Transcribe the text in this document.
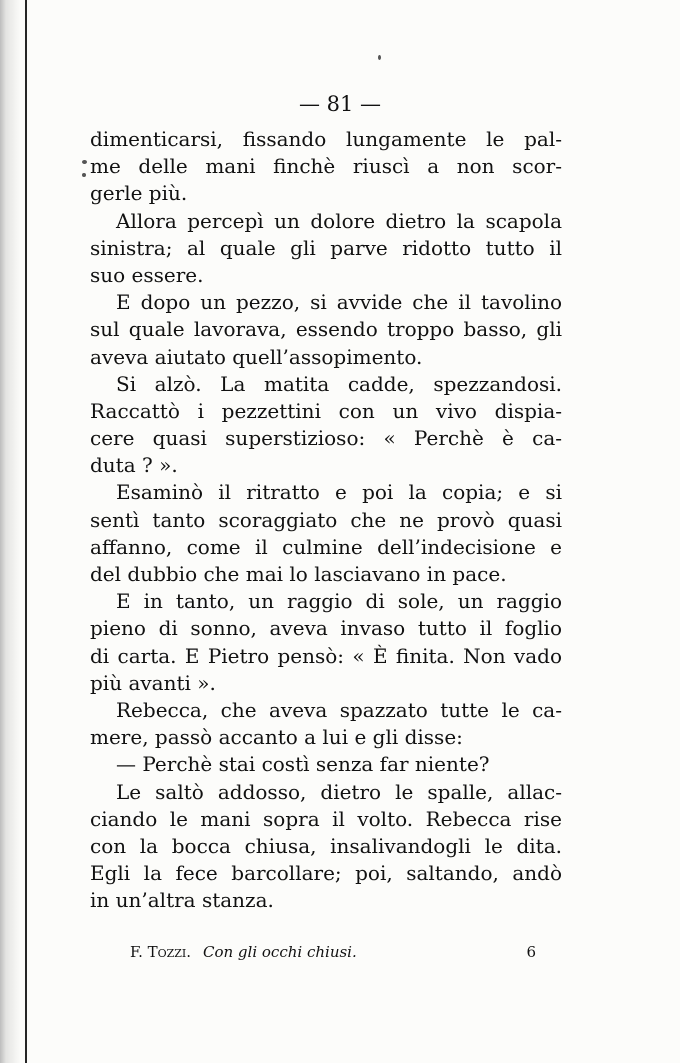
— 81 —
dimenticarsi, fissando lungamente le pal-
me delle mani finchè riuscì a non scor-
gerle più.
Allora percepì un dolore dietro la scapola
sinistra; al quale gli parve ridotto tutto il
suo essere.
E dopo un pezzo, si avvide che il tavolino
sul quale lavorava, essendo troppo basso, gli
aveva aiutato quell’assopimento.
Si alzò. La matita cadde, spezzandosi.
Raccattò i pezzettini con un vivo dispia-
cere quasi superstizioso: « Perchè è ca-
duta ? ».
Esaminò il ritratto e poi la copia; e si
sentì tanto scoraggiato che ne provò quasi
affanno, come il culmine dell’indecisione e
del dubbio che mai lo lasciavano in pace.
E in tanto, un raggio di sole, un raggio
pieno di sonno, aveva invaso tutto il foglio
di carta. E Pietro pensò: « È finita. Non vado
più avanti ».
Rebecca, che aveva spazzato tutte le ca-
mere, passò accanto a lui e gli disse:
— Perchè stai costì senza far niente?
Le saltò addosso, dietro le spalle, allac-
ciando le mani sopra il volto. Rebecca rise
con la bocca chiusa, insalivandogli le dita.
Egli la fece barcollare; poi, saltando, andò
in un’altra stanza.
F. Tozzi. Con gli occhi chiusi.	6
